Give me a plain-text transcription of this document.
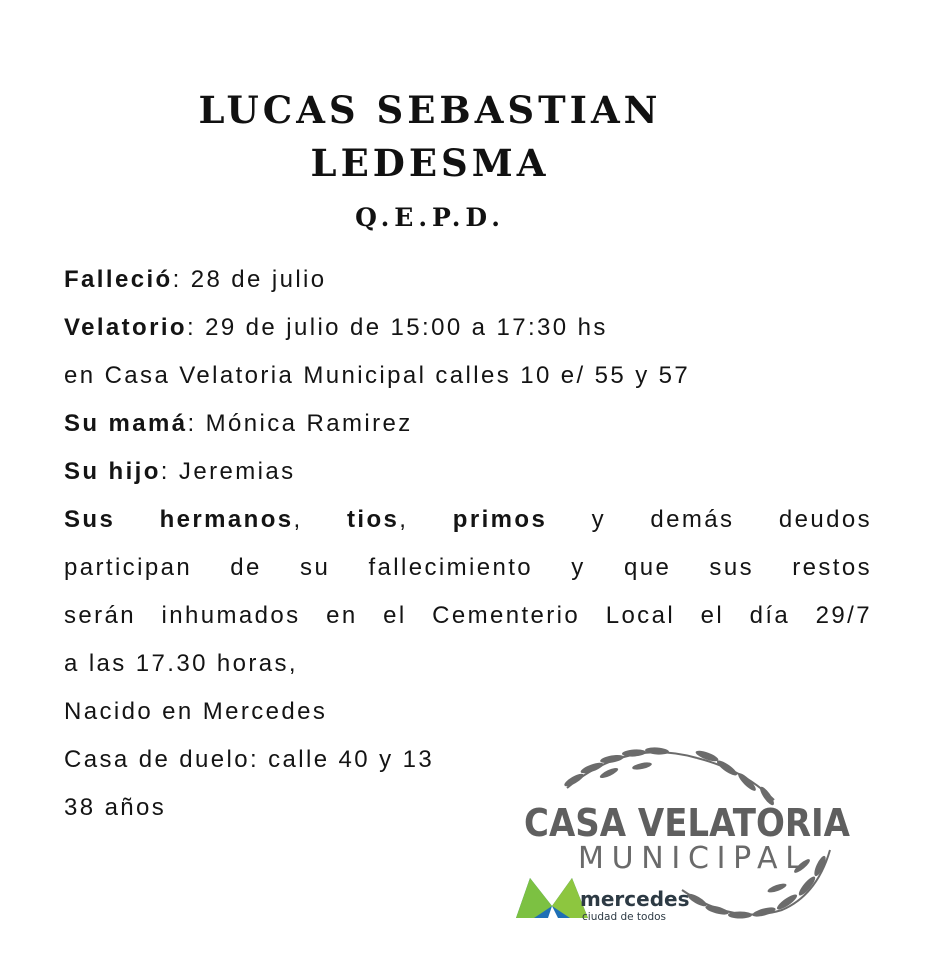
LUCAS SEBASTIAN
LEDESMA
Q.E.P.D.
Falleció: 28 de julio
Velatorio: 29 de julio de 15:00 a 17:30 hs
en Casa Velatoria Municipal calles 10 e/ 55 y 57
Su mamá: Mónica Ramirez
Su hijo: Jeremias
Sus hermanos, tios, primos y demás deudos
participan de su fallecimiento y que sus restos
serán inhumados en el Cementerio Local el día 29/7
a las 17.30 horas,
Nacido en Mercedes
Casa de duelo: calle 40 y 13
38 años	CASA VELATORIA
MUNICIPAL
mercedes
ciudad de todos
